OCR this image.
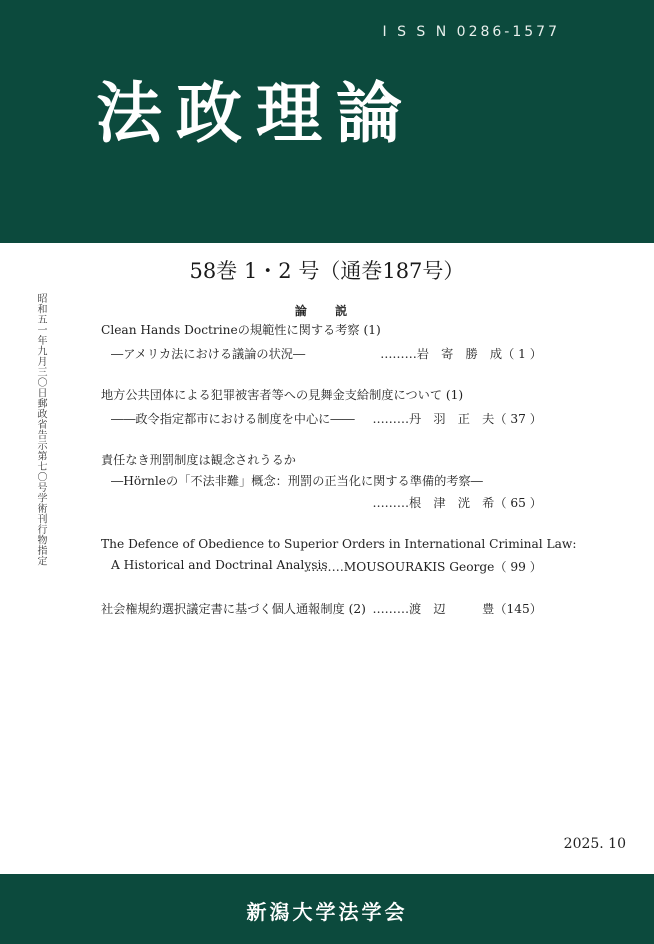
I S S N 0286-1577
法政理論
58巻 1・2 号（通巻187号）
昭和五一年九月三〇日郵政省告示第七〇号学術刊行物指定	論 説
Clean Hands Doctrineの規範性に関する考察 (1)
―アメリカ法における議論の状況―	………岩　寄　勝　成（ 1 ）
地方公共団体による犯罪被害者等への見舞金支給制度について (1)
――政令指定都市における制度を中心に―― ………丹　羽　正　夫（ 37 ）
責任なき刑罰制度は観念されうるか
―Hörnleの「不法非難」概念：刑罰の正当化に関する準備的考察―
………根　津　洸　希（ 65 ）
The Defence of Obedience to Superior Orders in International Criminal Law:
A Historical and Doctrinal Analysis
………MOUSOURAKIS George（ 99 ）
社会権規約選択議定書に基づく個人通報制度 (2) ………渡　辺　　　豊（145）
2025. 10
新潟大学法学会
